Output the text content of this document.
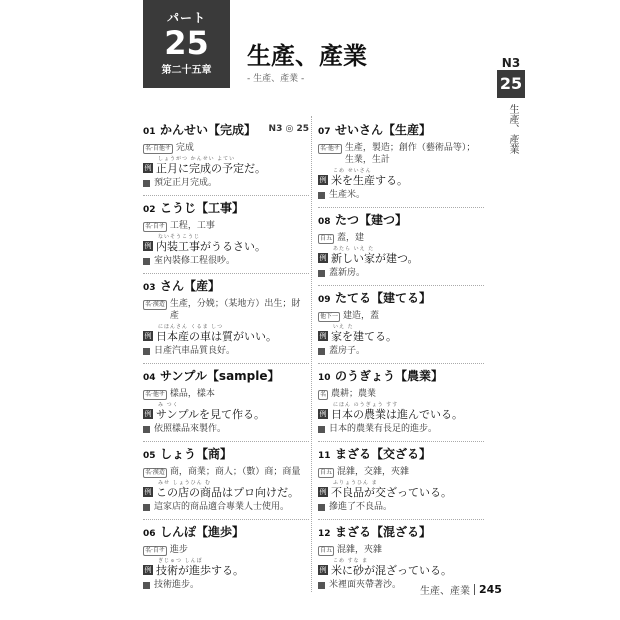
パート
25
第二十五章
生產、產業
- 生產、產業 -
N3
25
生產、產業
01 かんせい【完成】 N3 ◎ 25
名·自他サ 完成
例
しょうがつ かんせい よてい
正月に完成の予定だ。
預定正月完成。
02 こうじ【工事】
名·自サ 工程，工事
例
ないそうこうじ
内装工事がうるさい。
室內裝修工程很吵。
03 さん【産】
名·漢造 生產，分娩；（某地方）出生；財產
例
にほんさん くるま しつ
日本産の車は質がいい。
日產汽車品質良好。
04 サンプル【sample】
名·他サ 樣品，樣本
例
み つく
サンプルを見て作る。
依照樣品來製作。
05 しょう【商】
名·漢造 商，商業；商人；（數）商；商量
例
みせ しょうひん む
この店の商品はプロ向けだ。
這家店的商品適合專業人士使用。
06 しんぽ【進歩】
名·自サ 進步
例
ぎじゅつ しんぽ
技術が進歩する。
技術進步。
07 せいさん【生産】
名·他サ 生產，製造；創作（藝術品等）；生業，生計
例
こめ せいさん
米を生産する。
生產米。
08 たつ【建つ】
自五 蓋，建
例
あたら いえ た
新しい家が建つ。
蓋新房。
09 たてる【建てる】
他下一 建造，蓋
例
いえ た
家を建てる。
蓋房子。
10 のうぎょう【農業】
名 農耕；農業
例
にほん のうぎょう すす
日本の農業は進んでいる。
日本的農業有長足的進步。
11 まざる【交ざる】
自五 混雜，交雜，夾雜
例
ふりょうひん ま
不良品が交ざっている。
摻進了不良品。
12 まざる【混ざる】
自五 混雜，夾雜
例
こめ すな ま
米に砂が混ざっている。
米裡面夾帶著沙。
生產、產業 245
